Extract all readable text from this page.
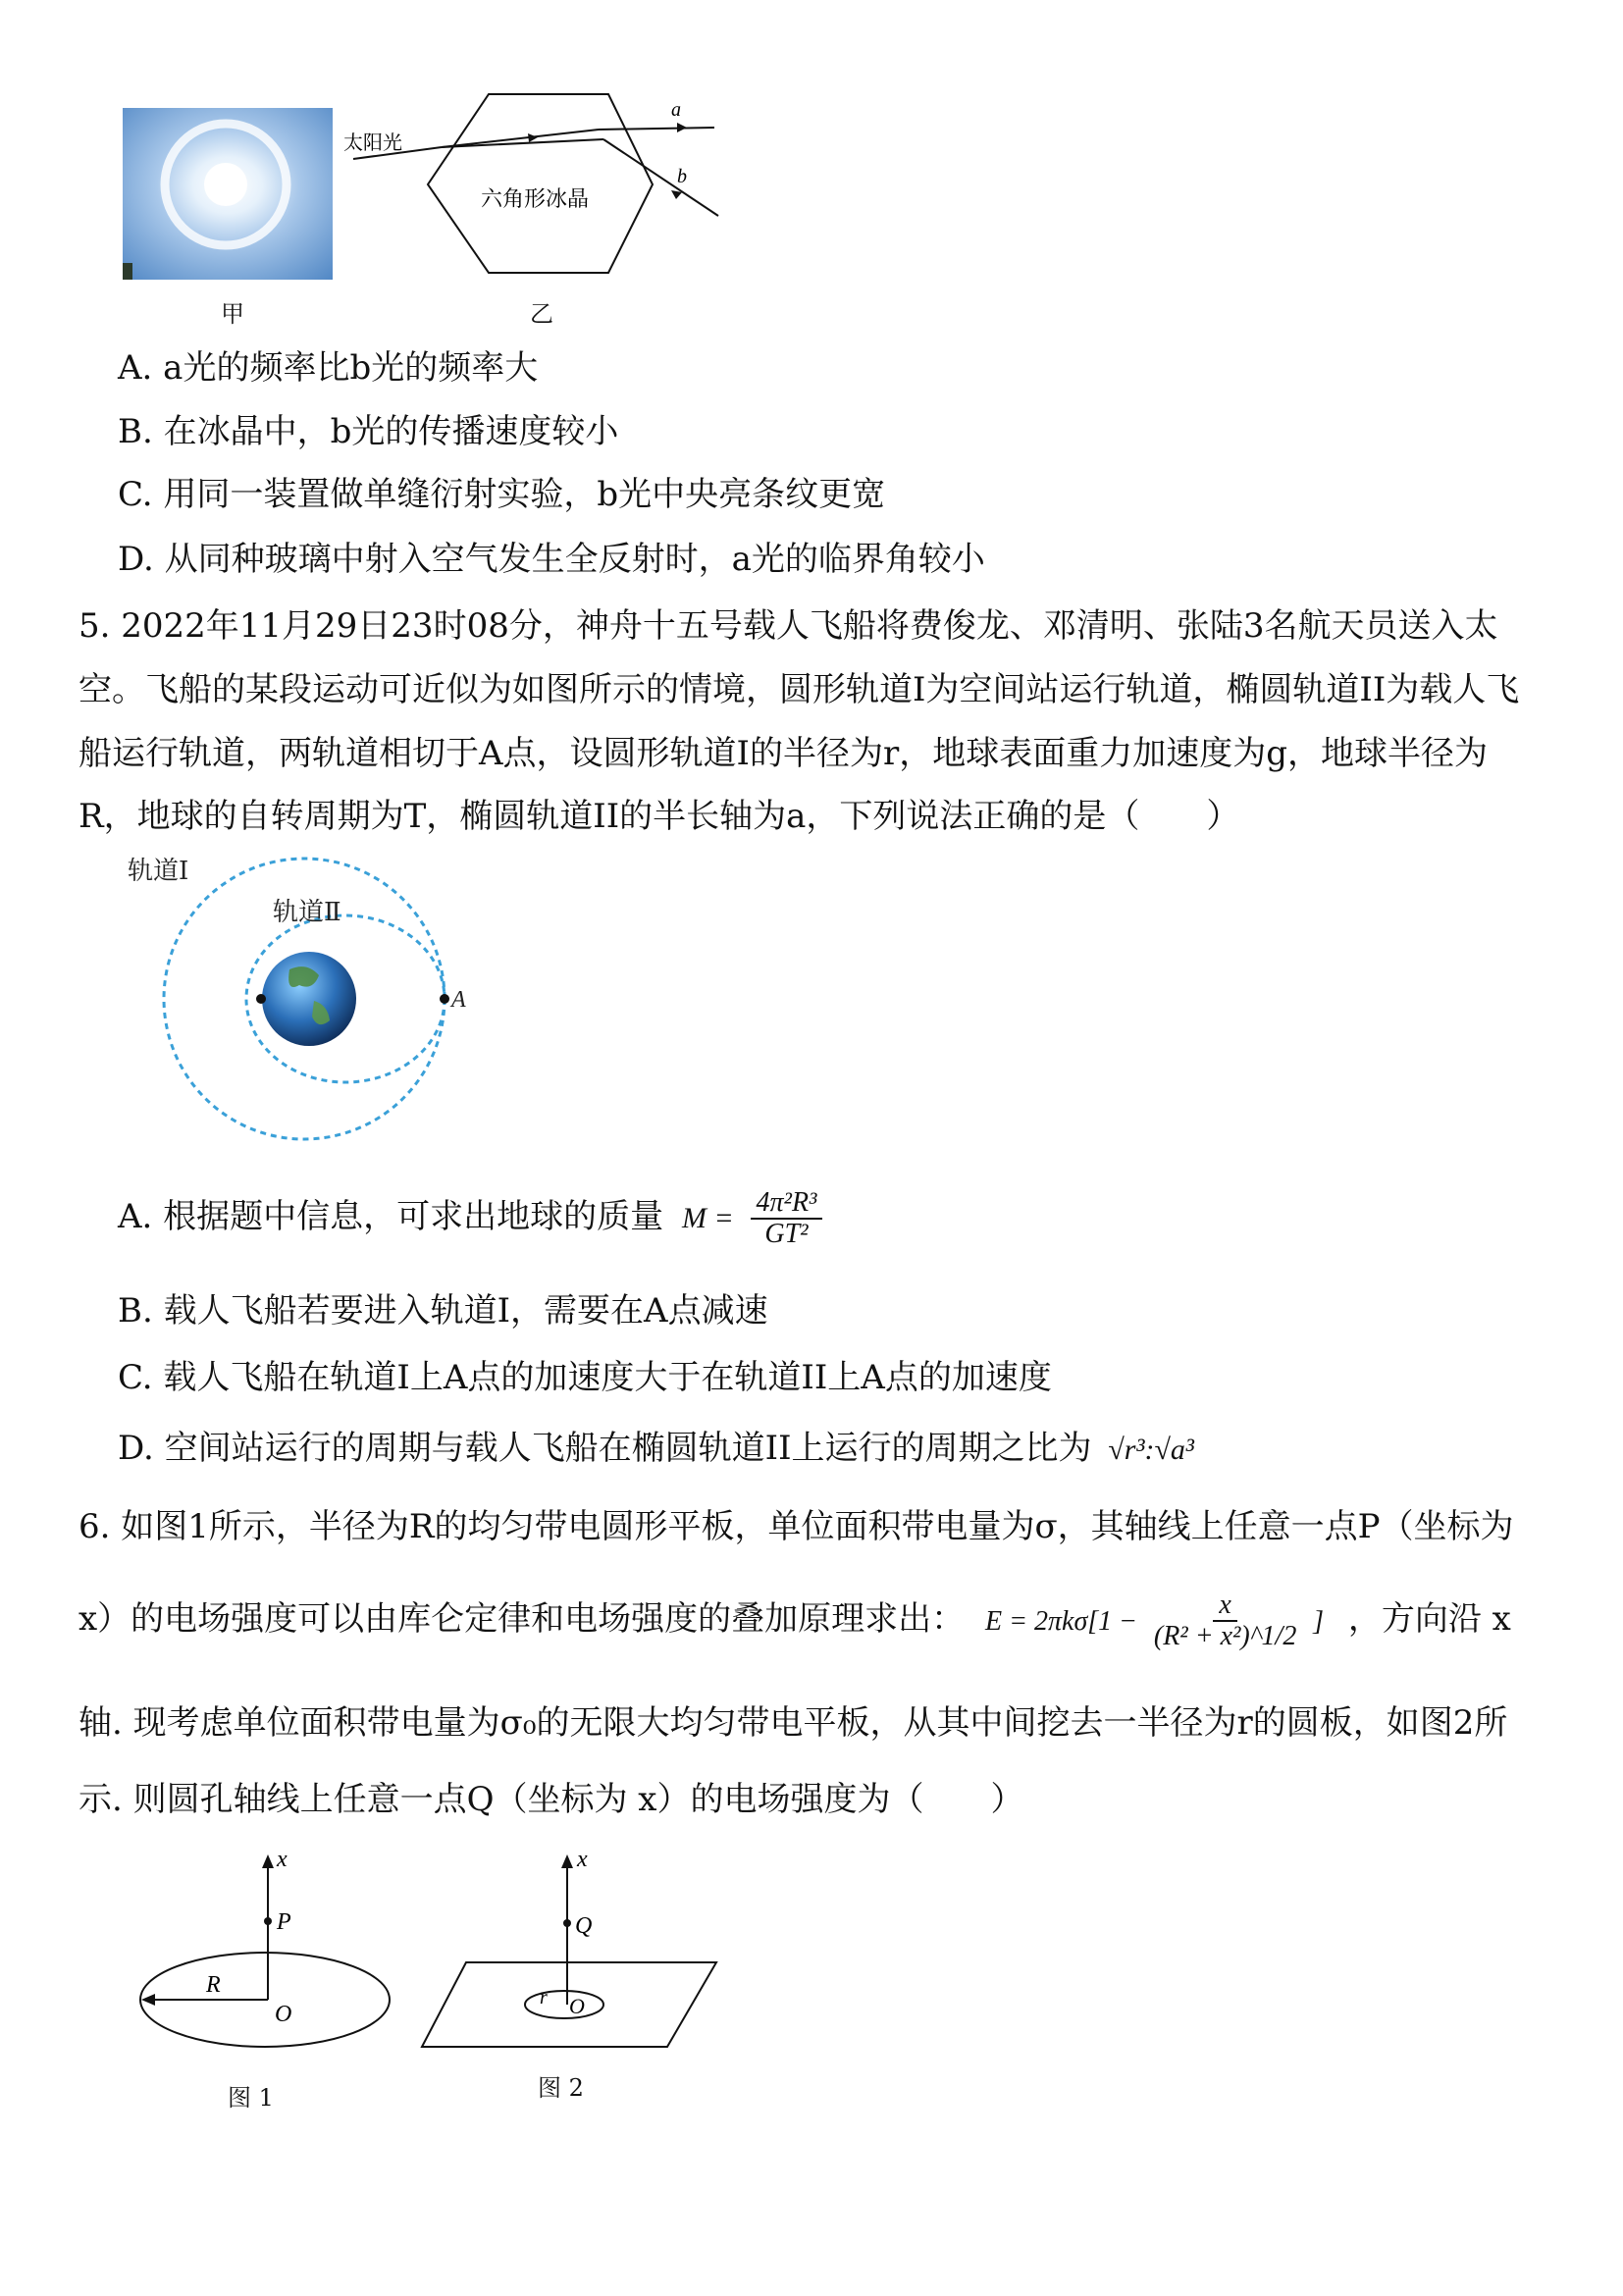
甲
a
b
太阳光
六角形冰晶
乙
A. a光的频率比b光的频率大
B. 在冰晶中，b光的传播速度较小
C. 用同一装置做单缝衍射实验，b光中央亮条纹更宽
D. 从同种玻璃中射入空气发生全反射时，a光的临界角较小
5. 2022年11月29日23时08分，神舟十五号载人飞船将费俊龙、邓清明、张陆3名航天员送入太
空。飞船的某段运动可近似为如图所示的情境，圆形轨道I为空间站运行轨道，椭圆轨道II为载人飞
船运行轨道，两轨道相切于A点，设圆形轨道I的半径为r，地球表面重力加速度为g，地球半径为
R，地球的自转周期为T，椭圆轨道II的半长轴为a，下列说法正确的是（　　）
轨道Ⅰ
轨道Ⅱ
A
A. 根据题中信息，可求出地球的质量 $M = \frac{\text{4π²R³}}{\text{GT²}}$
B. 载人飞船若要进入轨道I，需要在A点减速
C. 载人飞船在轨道I上A点的加速度大于在轨道II上A点的加速度
D. 空间站运行的周期与载人飞船在椭圆轨道II上运行的周期之比为 √r³:√a³
6. 如图1所示，半径为R的均匀带电圆形平板，单位面积带电量为σ，其轴线上任意一点P（坐标为
x）的电场强度可以由库仑定律和电场强度的叠加原理求出： $E = 2\pi k\sigma[1 - \frac{x}{\text{(R² + x²)\textasciicircum{}1/2}}$ ] ，方向沿 x
轴. 现考虑单位面积带电量为σ₀的无限大均匀带电平板，从其中间挖去一半径为r的圆板，如图2所
示. 则圆孔轴线上任意一点Q（坐标为 x）的电场强度为（　　）
x
P
O
R
图 1
x
Q
O
r
图 2
